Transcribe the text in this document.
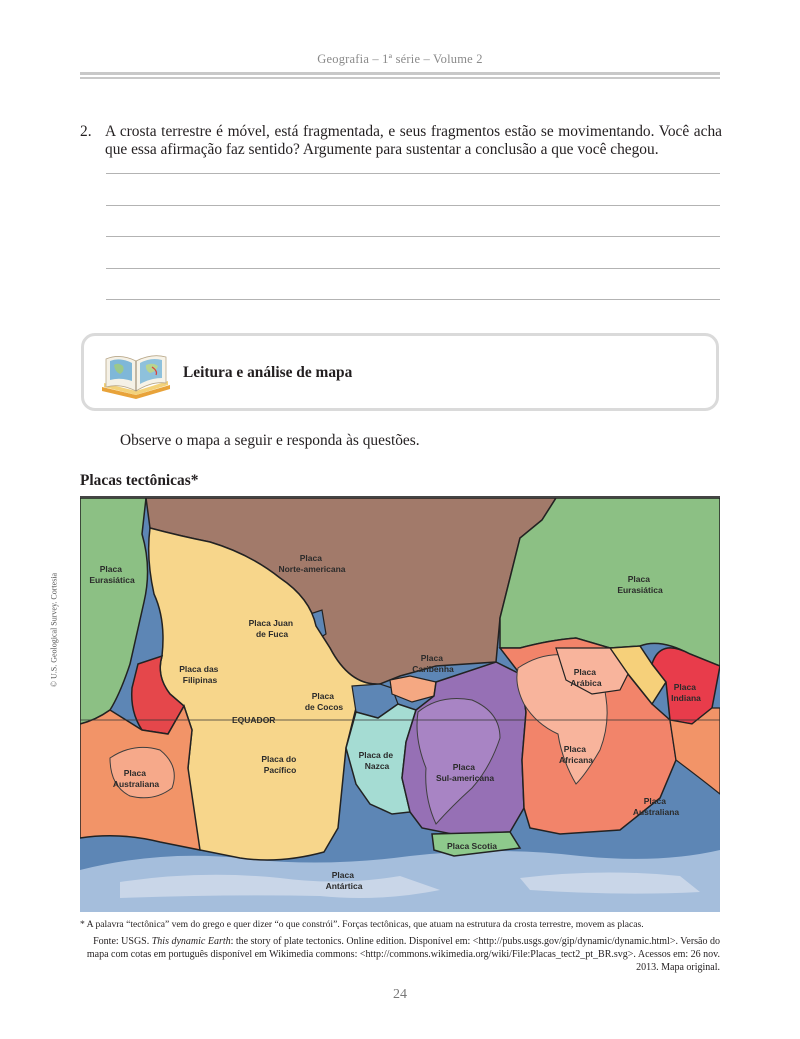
Geografia – 1ª série – Volume 2
2. A crosta terrestre é móvel, está fragmentada, e seus fragmentos estão se movimentando. Você acha que essa afirmação faz sentido? Argumente para sustentar a conclusão a que você chegou.
Leitura e análise de mapa
Observe o mapa a seguir e responda às questões.
Placas tectônicas*
© U.S. Geological Survey. Cortesia
EQUADOR
Placa Eurasiática
Placa Norte-americana
Placa Eurasiática
Placa Juan de Fuca
Placa das Filipinas
Placa Caribenha	Placa Arábica	Placa Indiana
Placa de Cocos
Placa do Pacífico
Placa de Nazca	Placa Sul-americana
Placa Africana
Placa Australiana
Placa Australiana
Placa Scotia
Placa Antártica
* A palavra “tectônica” vem do grego e quer dizer “o que constrói”. Forças tectônicas, que atuam na estrutura da crosta terrestre, movem as placas.
Fonte: USGS. This dynamic Earth: the story of plate tectonics. Online edition. Disponível em: <http://pubs.usgs.gov/gip/dynamic/dynamic.html>. Versão do mapa com cotas em português disponível em Wikimedia commons: <http://commons.wikimedia.org/wiki/File:Placas_tect2_pt_BR.svg>. Acessos em: 26 nov. 2013. Mapa original.
24
